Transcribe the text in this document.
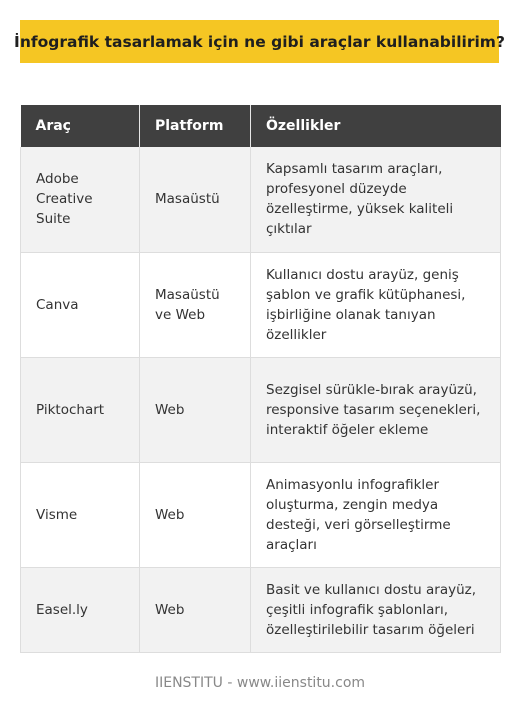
İnfografik tasarlamak için ne gibi araçlar kullanabilirim?
Araç	Platform	Özellikler
Adobe Creative Suite	Masaüstü	Kapsamlı tasarım araçları, profesyonel düzeyde özelleştirme, yüksek kaliteli çıktılar
Canva	Masaüstü ve Web	Kullanıcı dostu arayüz, geniş şablon ve grafik kütüphanesi, işbirliğine olanak tanıyan özellikler
Piktochart	Web	Sezgisel sürükle-bırak arayüzü, responsive tasarım seçenekleri, interaktif öğeler ekleme
Visme	Web	Animasyonlu infografikler oluşturma, zengin medya desteği, veri görselleştirme araçları
Easel.ly	Web	Basit ve kullanıcı dostu arayüz, çeşitli infografik şablonları, özelleştirilebilir tasarım öğeleri
IIENSTITU - www.iienstitu.com
